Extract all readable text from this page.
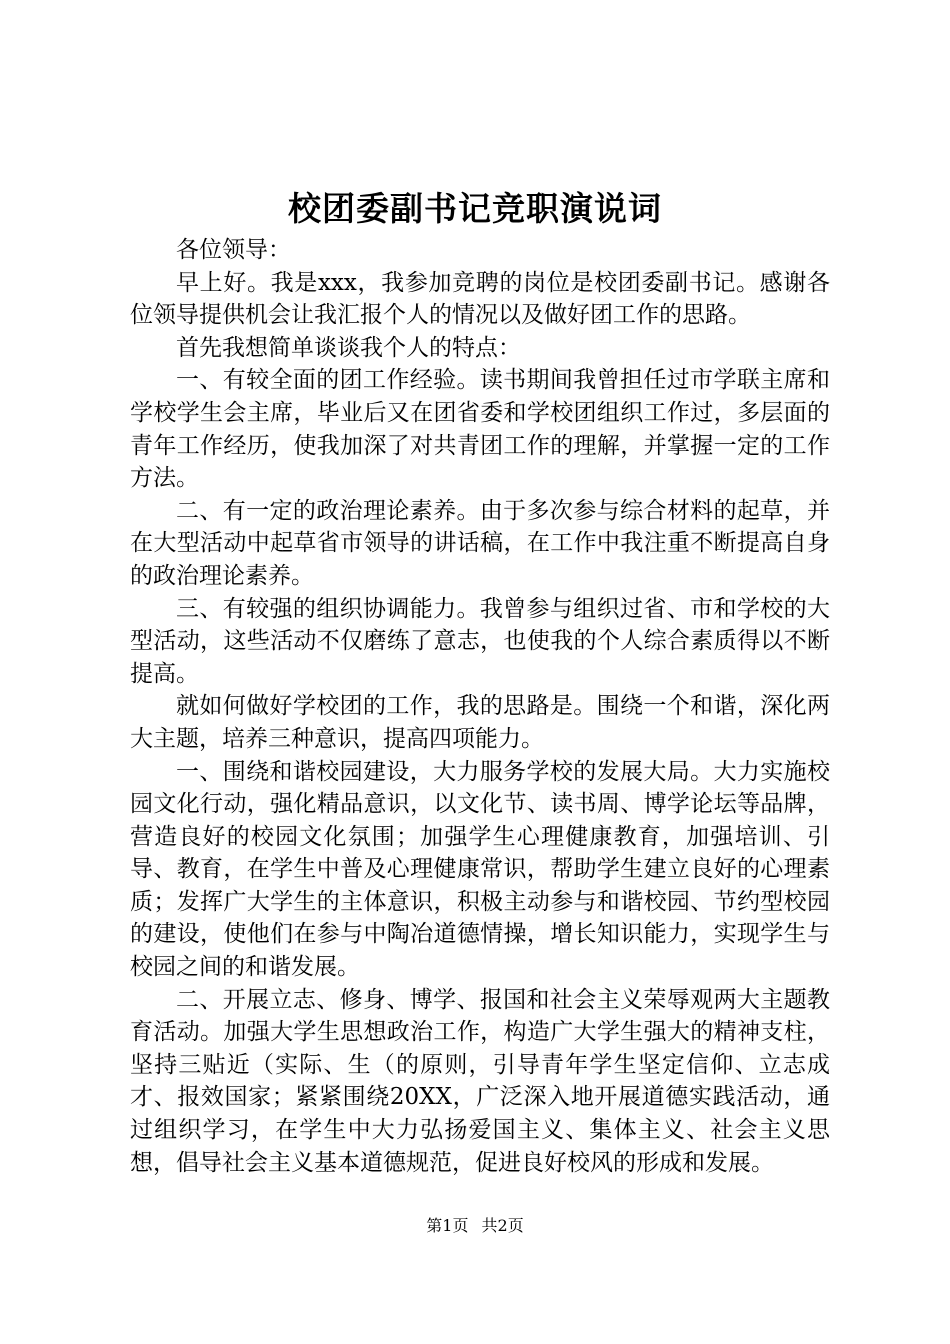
校团委副书记竞职演说词

各位领导：

早上好。我是xxx，我参加竞聘的岗位是校团委副书记。感谢各位领导提供机会让我汇报个人的情况以及做好团工作的思路。

首先我想简单谈谈我个人的特点：

一、有较全面的团工作经验。读书期间我曾担任过市学联主席和学校学生会主席，毕业后又在团省委和学校团组织工作过，多层面的青年工作经历，使我加深了对共青团工作的理解，并掌握一定的工作方法。

二、有一定的政治理论素养。由于多次参与综合材料的起草，并在大型活动中起草省市领导的讲话稿，在工作中我注重不断提高自身的政治理论素养。

三、有较强的组织协调能力。我曾参与组织过省、市和学校的大型活动，这些活动不仅磨练了意志，也使我的个人综合素质得以不断提高。

就如何做好学校团的工作，我的思路是。围绕一个和谐，深化两大主题，培养三种意识，提高四项能力。

一、围绕和谐校园建设，大力服务学校的发展大局。大力实施校园文化行动，强化精品意识，以文化节、读书周、博学论坛等品牌，营造良好的校园文化氛围；加强学生心理健康教育，加强培训、引导、教育，在学生中普及心理健康常识，帮助学生建立良好的心理素质；发挥广大学生的主体意识，积极主动参与和谐校园、节约型校园的建设，使他们在参与中陶冶道德情操，增长知识能力，实现学生与校园之间的和谐发展。

二、开展立志、修身、博学、报国和社会主义荣辱观两大主题教育活动。加强大学生思想政治工作，构造广大学生强大的精神支柱，坚持三贴近（实际、生（的原则，引导青年学生坚定信仰、立志成才、报效国家；紧紧围绕20XX，广泛深入地开展道德实践活动，通过组织学习，在学生中大力弘扬爱国主义、集体主义、社会主义思想，倡导社会主义基本道德规范，促进良好校风的形成和发展。

第1页 共2页
